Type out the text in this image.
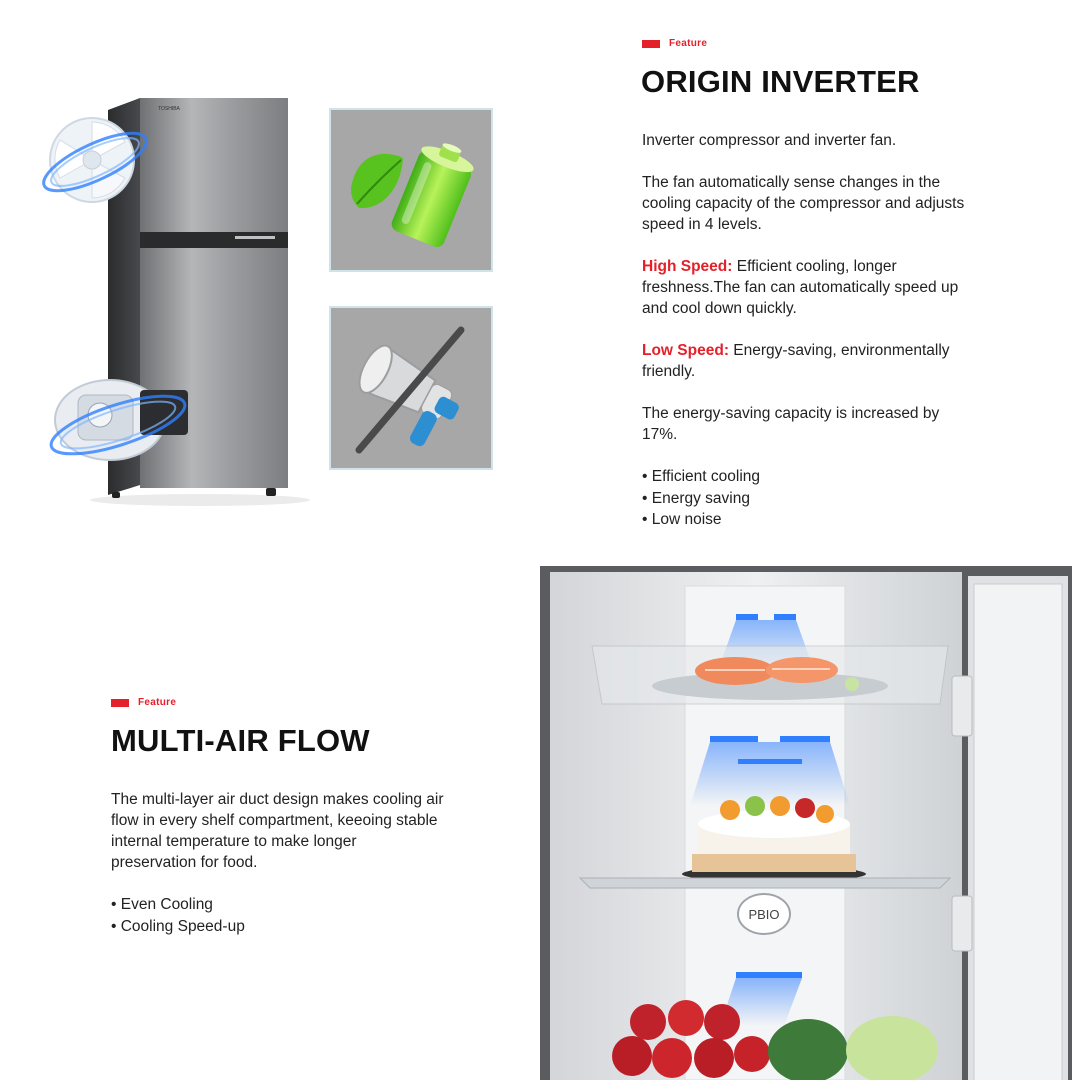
TOSHIBA
Feature
ORIGIN INVERTER

Inverter compressor and inverter fan.

The fan automatically sense changes in the cooling capacity of the compressor and adjusts speed in 4 levels.

High Speed: Efficient cooling, longer freshness.The fan can automatically speed up and cool down quickly.

Low Speed: Energy-saving, environmentally friendly.

The energy-saving capacity is increased by 17%.

• Efficient cooling
• Energy saving
• Low noise
Feature
MULTI-AIR FLOW

The multi-layer air duct design makes cooling air flow in every shelf compartment, keeoing stable internal temperature to make longer preservation for food.

• Even Cooling
• Cooling Speed-up
PBIO
